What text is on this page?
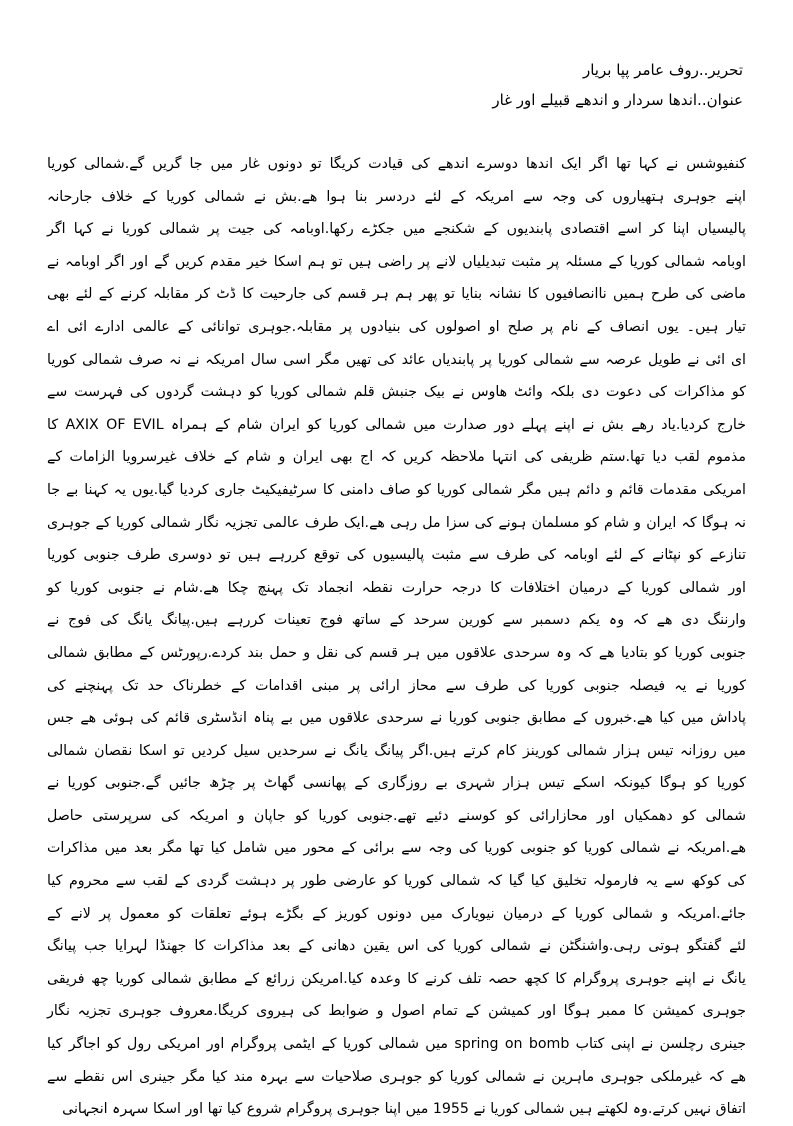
تحریر..روف عامر پپا بریار
عنوان..اندھا سردار و اندھے قبیلے اور غار
کنفیوشس نے کہا تھا اگر ایک اندھا دوسرے اندھے کی قیادت کریگا تو دونوں غار میں جا گریں گے.شمالی کوریا
اپنے جوہری ہتھیاروں کی وجہ سے امریکہ کے لئے دردسر بنا ہوا ھے.بش نے شمالی کوریا کے خلاف جارحانہ
پالیسیاں اپنا کر اسے اقتصادی پابندیوں کے شکنجے میں جکڑے رکھا.اوبامہ کی جیت پر شمالی کوریا نے کہا اگر
اوبامہ شمالی کوریا کے مسئلہ پر مثبت تبدیلیاں لانے پر راضی ہیں تو ہم اسکا خیر مقدم کریں گے اور اگر اوبامہ نے
ماضی کی طرح ہمیں ناانصافیوں کا نشانہ بنایا تو پھر ہم ہر قسم کی جارحیت کا ڈٹ کر مقابلہ کرنے کے لئے بھی
تیار ہیں۔ یوں انصاف کے نام پر صلح او اصولوں کی بنیادوں پر مقابلہ.جوہری توانائی کے عالمی ادارے ائی اے
ای ائی نے طویل عرصہ سے شمالی کوریا پر پابندیاں عائد کی تھیں مگر اسی سال امریکہ نے نہ صرف شمالی کوریا
کو مذاکرات کی دعوت دی بلکہ وائٹ ھاوس نے بیک جنبش قلم شمالی کوریا کو دہشت گردوں کی فہرست سے
خارج کردیا.یاد رھے بش نے اپنے پہلے دور صدارت میں شمالی کوریا کو ایران شام کے ہمراہ AXIX OF EVIL کا
مذموم لقب دیا تھا.ستم ظریفی کی انتہا ملاحظہ کریں کہ اج بھی ایران و شام کے خلاف غیرسرویا الزامات کے
امریکی مقدمات قائم و دائم ہیں مگر شمالی کوریا کو صاف دامنی کا سرٹیفیکیٹ جاری کردیا گیا.یوں یہ کہنا بے جا
نہ ہوگا کہ ایران و شام کو مسلمان ہونے کی سزا مل رہی ھے.ایک طرف عالمی تجزیہ نگار شمالی کوریا کے جوہری
تنازعے کو نپٹانے کے لئے اوبامہ کی طرف سے مثبت پالیسیوں کی توقع کررہے ہیں تو دوسری طرف جنوبی کوریا
اور شمالی کوریا کے درمیان اختلافات کا درجہ حرارت نقطہ انجماد تک پہنچ چکا ھے.شام نے جنوبی کوریا کو
وارننگ دی ھے کہ وہ یکم دسمبر سے کورین سرحد کے ساتھ فوج تعینات کررہے ہیں.پیانگ یانگ کی فوج نے
جنوبی کوریا کو بتادیا ھے کہ وہ سرحدی علاقوں میں ہر قسم کی نقل و حمل بند کردے.رپورٹس کے مطابق شمالی
کوریا نے یہ فیصلہ جنوبی کوریا کی طرف سے محاز ارائی پر مبنی اقدامات کے خطرناک حد تک پہنچنے کی
پاداش میں کیا ھے.خبروں کے مطابق جنوبی کوریا نے سرحدی علاقوں میں بے پناہ انڈسٹری قائم کی ہوئی ھے جس
میں روزانہ تیس ہزار شمالی کورینز کام کرتے ہیں.اگر پیانگ یانگ نے سرحدیں سیل کردیں تو اسکا نقصان شمالی
کوریا کو ہوگا کیونکہ اسکے تیس ہزار شہری بے روزگاری کے پھانسی گھاٹ پر چڑھ جائیں گے.جنوبی کوریا نے
شمالی کو دھمکیاں اور محازارائی کو کوسنے دئیے تھے.جنوبی کوریا کو جاپان و امریکہ کی سرپرستی حاصل
ھے.امریکہ نے شمالی کوریا کو جنوبی کوریا کی وجہ سے برائی کے محور میں شامل کیا تھا مگر بعد میں مذاکرات
کی کوکھ سے یہ فارمولہ تخلیق کیا گیا کہ شمالی کوریا کو عارضی طور پر دہشت گردی کے لقب سے محروم کیا
جائے.امریکہ و شمالی کوریا کے درمیان نیویارک میں دونوں کوریز کے بگڑے ہوئے تعلقات کو معمول پر لانے کے
لئے گفتگو ہوتی رہی.واشنگٹن نے شمالی کوریا کی اس یقین دھانی کے بعد مذاکرات کا جھنڈا لہرایا جب پیانگ
یانگ نے اپنے جوہری پروگرام کا کچھ حصہ تلف کرنے کا وعدہ کیا.امریکن زرائع کے مطابق شمالی کوریا چھ فریقی
جوہری کمیشن کا ممبر ہوگا اور کمیشن کے تمام اصول و ضوابط کی ہیروی کریگا.معروف جوہری تجزیہ نگار
جینری رچلسن نے اپنی کتاب spring on bomb میں شمالی کوریا کے ایٹمی پروگرام اور امریکی رول کو اجاگر کیا
ھے کہ غیرملکی جوہری ماہرین نے شمالی کوریا کو جوہری صلاحیات سے بہرہ مند کیا مگر جینری اس نقطے سے
اتفاق نہیں کرتے.وہ لکھتے ہیں شمالی کوریا نے 1955 میں اپنا جوہری پروگرام شروع کیا تھا اور اسکا سہرہ انجہانی
